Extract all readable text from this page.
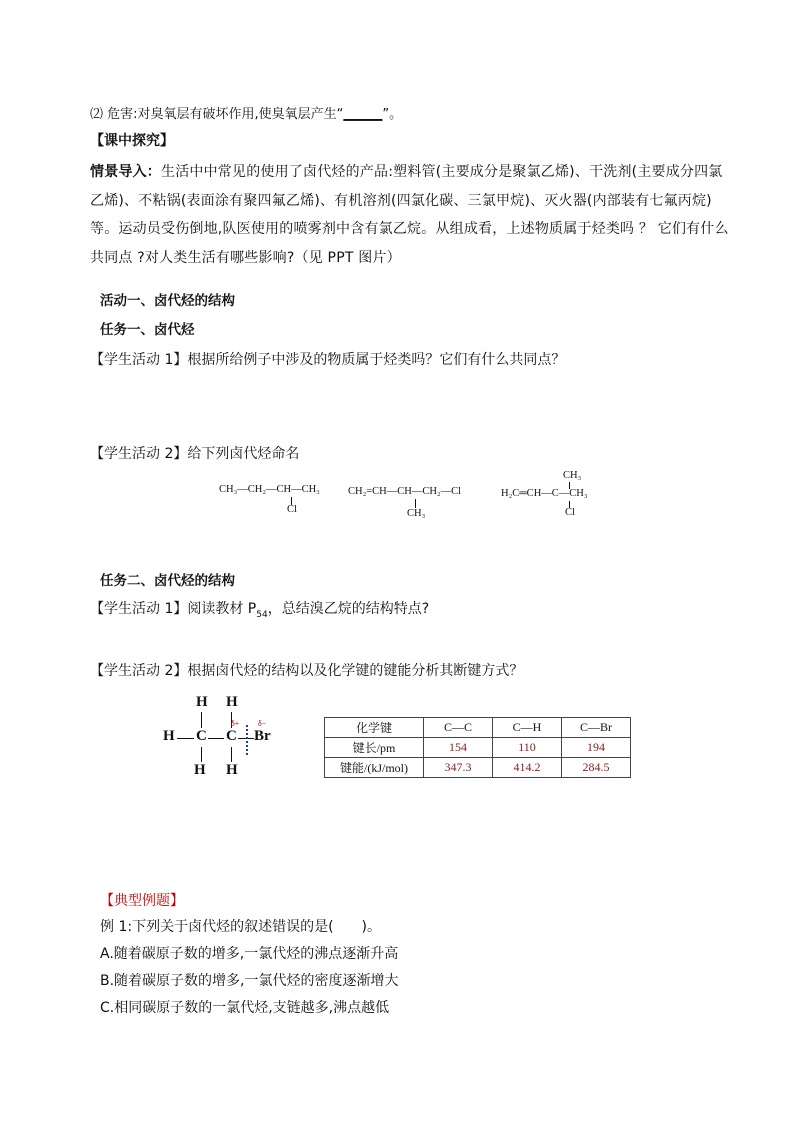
⑵ 危害:对臭氧层有破坏作用,使臭氧层产生“______”。
【课中探究】
情景导入：生活中中常见的使用了卤代烃的产品:塑料管(主要成分是聚氯乙烯)、干洗剂(主要成分四氯乙烯)、不粘锅(表面涂有聚四氟乙烯)、有机溶剂(四氯化碳、三氯甲烷)、灭火器(内部装有七氟丙烷)等。运动员受伤倒地,队医使用的喷雾剂中含有氯乙烷。从组成看，上述物质属于烃类吗 ？ 它们有什么共同点 ?对人类生活有哪些影响?（见 PPT 图片）
活动一、卤代烃的结构
任务一、卤代烃
【学生活动 1】根据所给例子中涉及的物质属于烃类吗？它们有什么共同点？
【学生活动 2】给下列卤代烃命名
CH₃—CH₂—CH—CH₃
Cl
CH₂=CH—CH—CH₂—Cl
CH₃
CH₃
H₂C═CH—C—CH₃
Cl
任务二、卤代烃的结构
【学生活动 1】阅读教材 $P_{54}$，总结溴乙烷的结构特点?
【学生活动 2】根据卤代烃的结构以及化学键的键能分析其断键方式？
H H
H C C Br
δ+ δ−
H H
化学键	C—C	C—H	C—Br
键长/pm	154	110	194
键能/(kJ/mol)	347.3	414.2	284.5
【典型例题】
例 1:下列关于卤代烃的叙述错误的是(　　)。
A.随着碳原子数的增多,一氯代烃的沸点逐渐升高
B.随着碳原子数的增多,一氯代烃的密度逐渐增大
C.相同碳原子数的一氯代烃,支链越多,沸点越低
